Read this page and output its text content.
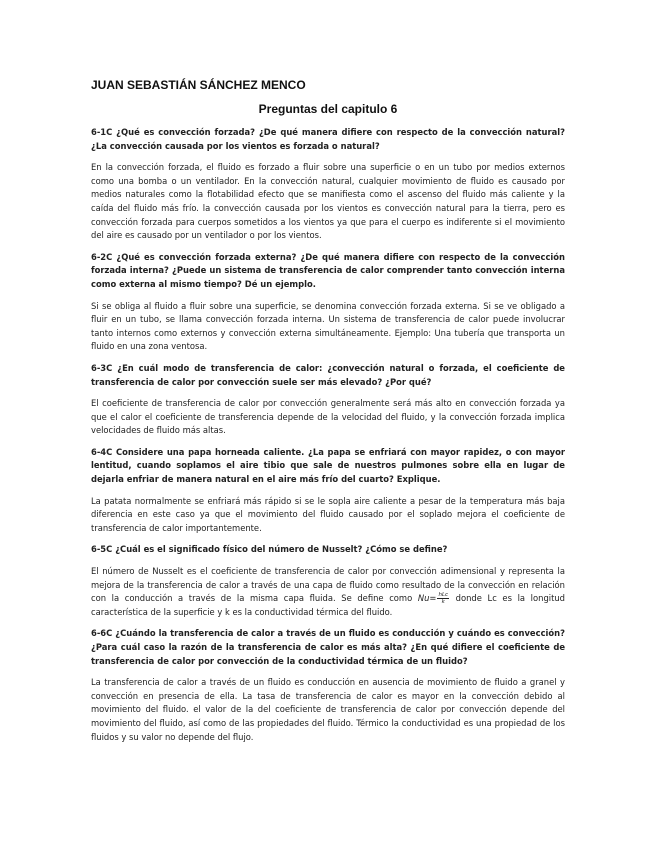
JUAN SEBASTIÁN SÁNCHEZ MENCO
Preguntas del capitulo 6

6-1C ¿Qué es convección forzada? ¿De qué manera difiere con respecto de la convección natural? ¿La convección causada por los vientos es forzada o natural?

En la convección forzada, el fluido es forzado a fluir sobre una superficie o en un tubo por medios externos como una bomba o un ventilador. En la convección natural, cualquier movimiento de fluido es causado por medios naturales como la flotabilidad efecto que se manifiesta como el ascenso del fluido más caliente y la caída del fluido más frío. la convección causada por los vientos es convección natural para la tierra, pero es convección forzada para cuerpos sometidos a los vientos ya que para el cuerpo es indiferente si el movimiento del aire es causado por un ventilador o por los vientos.

6-2C ¿Qué es convección forzada externa? ¿De qué manera difiere con respecto de la convección forzada interna? ¿Puede un sistema de transferencia de calor comprender tanto convección interna como externa al mismo tiempo? Dé un ejemplo.

Si se obliga al fluido a fluir sobre una superficie, se denomina convección forzada externa. Si se ve obligado a fluir en un tubo, se llama convección forzada interna. Un sistema de transferencia de calor puede involucrar tanto internos como externos y convección externa simultáneamente. Ejemplo: Una tubería que transporta un fluido en una zona ventosa.

6-3C ¿En cuál modo de transferencia de calor: ¿convección natural o forzada, el coeficiente de transferencia de calor por convección suele ser más elevado? ¿Por qué?

El coeficiente de transferencia de calor por convección generalmente será más alto en convección forzada ya que el calor el coeficiente de transferencia depende de la velocidad del fluido, y la convección forzada implica velocidades de fluido más altas.

6-4C Considere una papa horneada caliente. ¿La papa se enfriará con mayor rapidez, o con mayor lentitud, cuando soplamos el aire tibio que sale de nuestros pulmones sobre ella en lugar de dejarla enfriar de manera natural en el aire más frío del cuarto? Explique.

La patata normalmente se enfriará más rápido si se le sopla aire caliente a pesar de la temperatura más baja diferencia en este caso ya que el movimiento del fluido causado por el soplado mejora el coeficiente de transferencia de calor importantemente.

6-5C ¿Cuál es el significado físico del número de Nusselt? ¿Cómo se define?

El número de Nusselt es el coeficiente de transferencia de calor por convección adimensional y representa la mejora de la transferencia de calor a través de una capa de fluido como resultado de la convección en relación con la conducción a través de la misma capa fluida. Se define como $Nu= \frac{\text{hLc}}{k}$ donde Lc es la longitud característica de la superficie y k es la conductividad térmica del fluido.

6-6C ¿Cuándo la transferencia de calor a través de un fluido es conducción y cuándo es convección? ¿Para cuál caso la razón de la transferencia de calor es más alta? ¿En qué difiere el coeficiente de transferencia de calor por convección de la conductividad térmica de un fluido?

La transferencia de calor a través de un fluido es conducción en ausencia de movimiento de fluido a granel y convección en presencia de ella. La tasa de transferencia de calor es mayor en la convección debido al movimiento del fluido. el valor de la del coeficiente de transferencia de calor por convección depende del movimiento del fluido, así como de las propiedades del fluido. Térmico la conductividad es una propiedad de los fluidos y su valor no depende del flujo.
